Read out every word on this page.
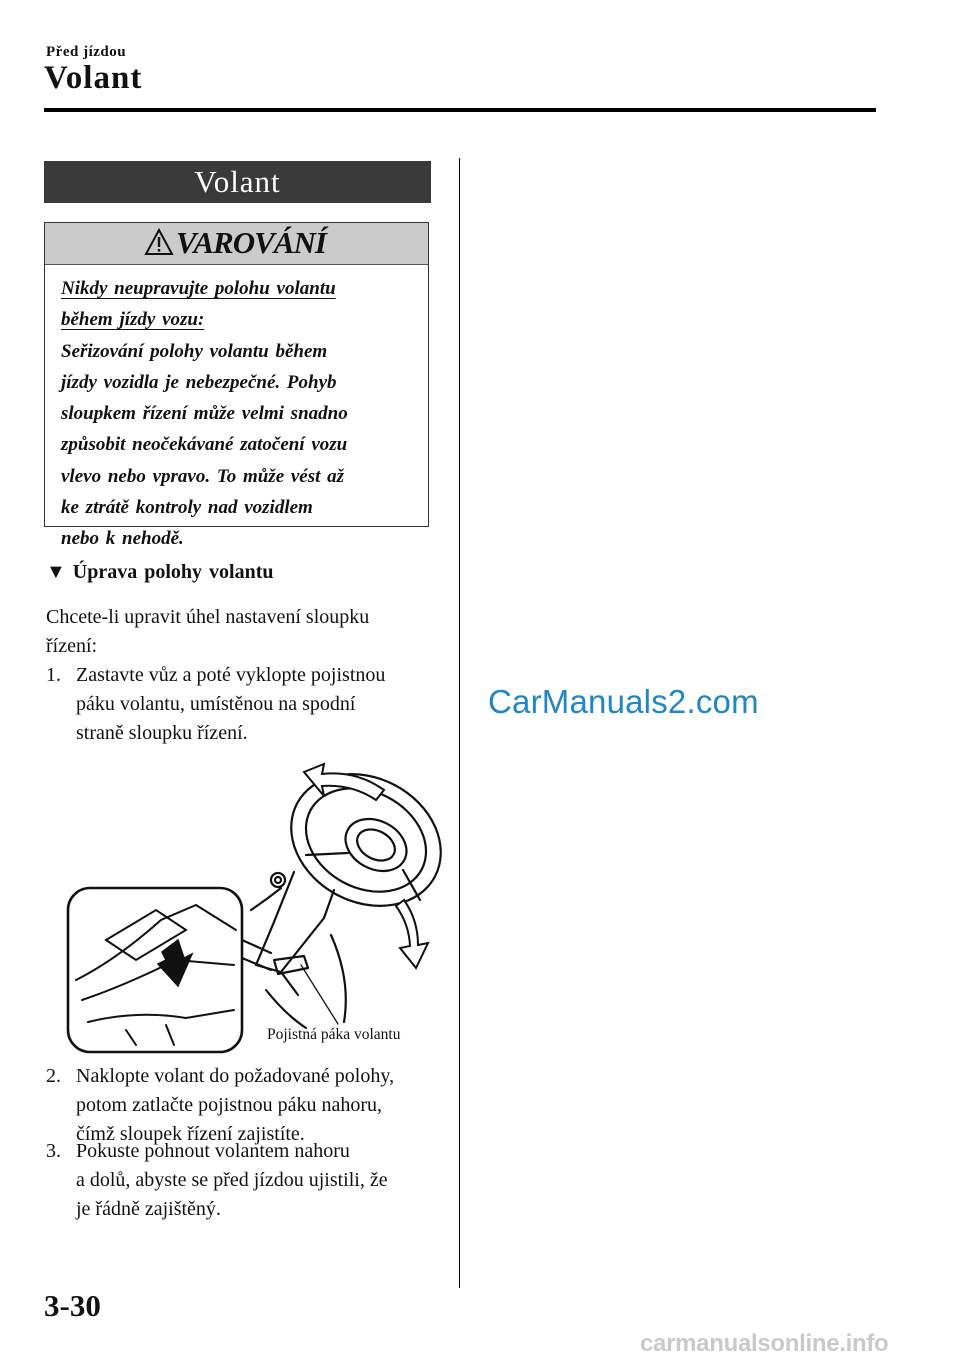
Před jízdou
Volant
Volant
VAROVÁNÍ
Nikdy neupravujte polohu volantu
během jízdy vozu:
Seřizování polohy volantu během
jízdy vozidla je nebezpečné. Pohyb
sloupkem řízení může velmi snadno
způsobit neočekávané zatočení vozu
vlevo nebo vpravo. To může vést až
ke ztrátě kontroly nad vozidlem
nebo k nehodě.
▼ Úprava polohy volantu
Chcete-li upravit úhel nastavení sloupku
řízení:
1. Zastavte vůz a poté vyklopte pojistnou
páku volantu, umístěnou na spodní
straně sloupku řízení.
Pojistná páka volantu
2. Naklopte volant do požadované polohy,
potom zatlačte pojistnou páku nahoru,
čímž sloupek řízení zajistíte.
3. Pokuste pohnout volantem nahoru
a dolů, abyste se před jízdou ujistili, že
je řádně zajištěný.
CarManuals2.com
3-30
carmanualsonline.info
